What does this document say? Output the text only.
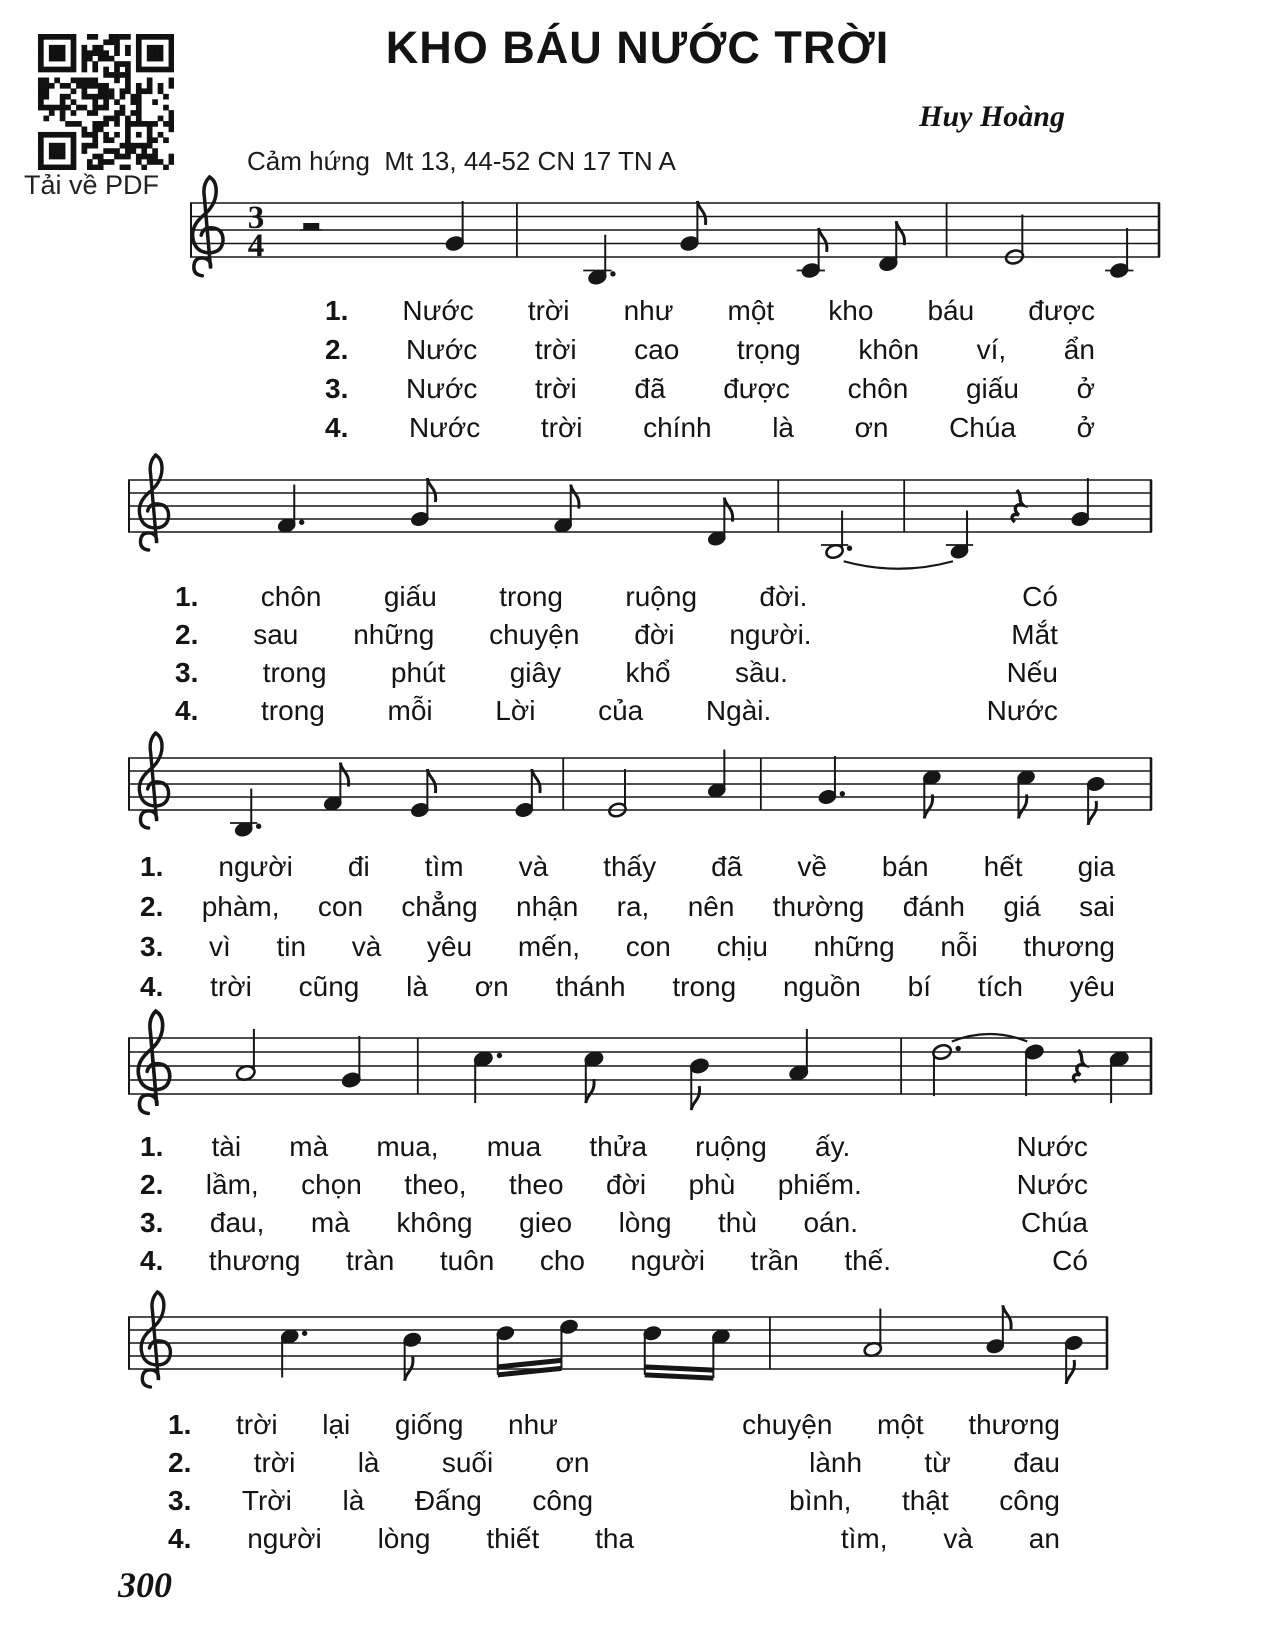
Tải về PDF
KHO BÁU NƯỚC TRỜI
Huy Hoàng
Cảm hứng  Mt 13, 44-52 CN 17 TN A
3
4
1. Nước trời như một kho báu được
2. Nước trời cao trọng khôn ví, ẩn
3. Nước trời đã được chôn giấu ở
4. Nước trời chính là ơn Chúa ở
1. chôn giấu trong ruộng đời.	Có
2. sau những chuyện đời người.	Mắt
3. trong phút giây khổ sầu.	Nếu
4. trong mỗi Lời của Ngài.	Nước
1. người đi tìm và thấy đã về bán hết gia
2. phàm, con chẳng nhận ra, nên thường đánh giá sai
3. vì tin và yêu mến, con chịu những nỗi thương
4. trời cũng là ơn thánh trong nguồn bí tích yêu
1. tài mà mua, mua thửa ruộng ấy.	Nước
2. lầm, chọn theo, theo đời phù phiếm.	Nước
3. đau, mà không gieo lòng thù oán.	Chúa
4. thương tràn tuôn cho người trần thế.	Có
1. trời lại giống như	chuyện một thương
2. trời là suối ơn	lành từ đau
3. Trời là Đấng công	bình, thật công
4. người lòng thiết tha	tìm, và an
300
